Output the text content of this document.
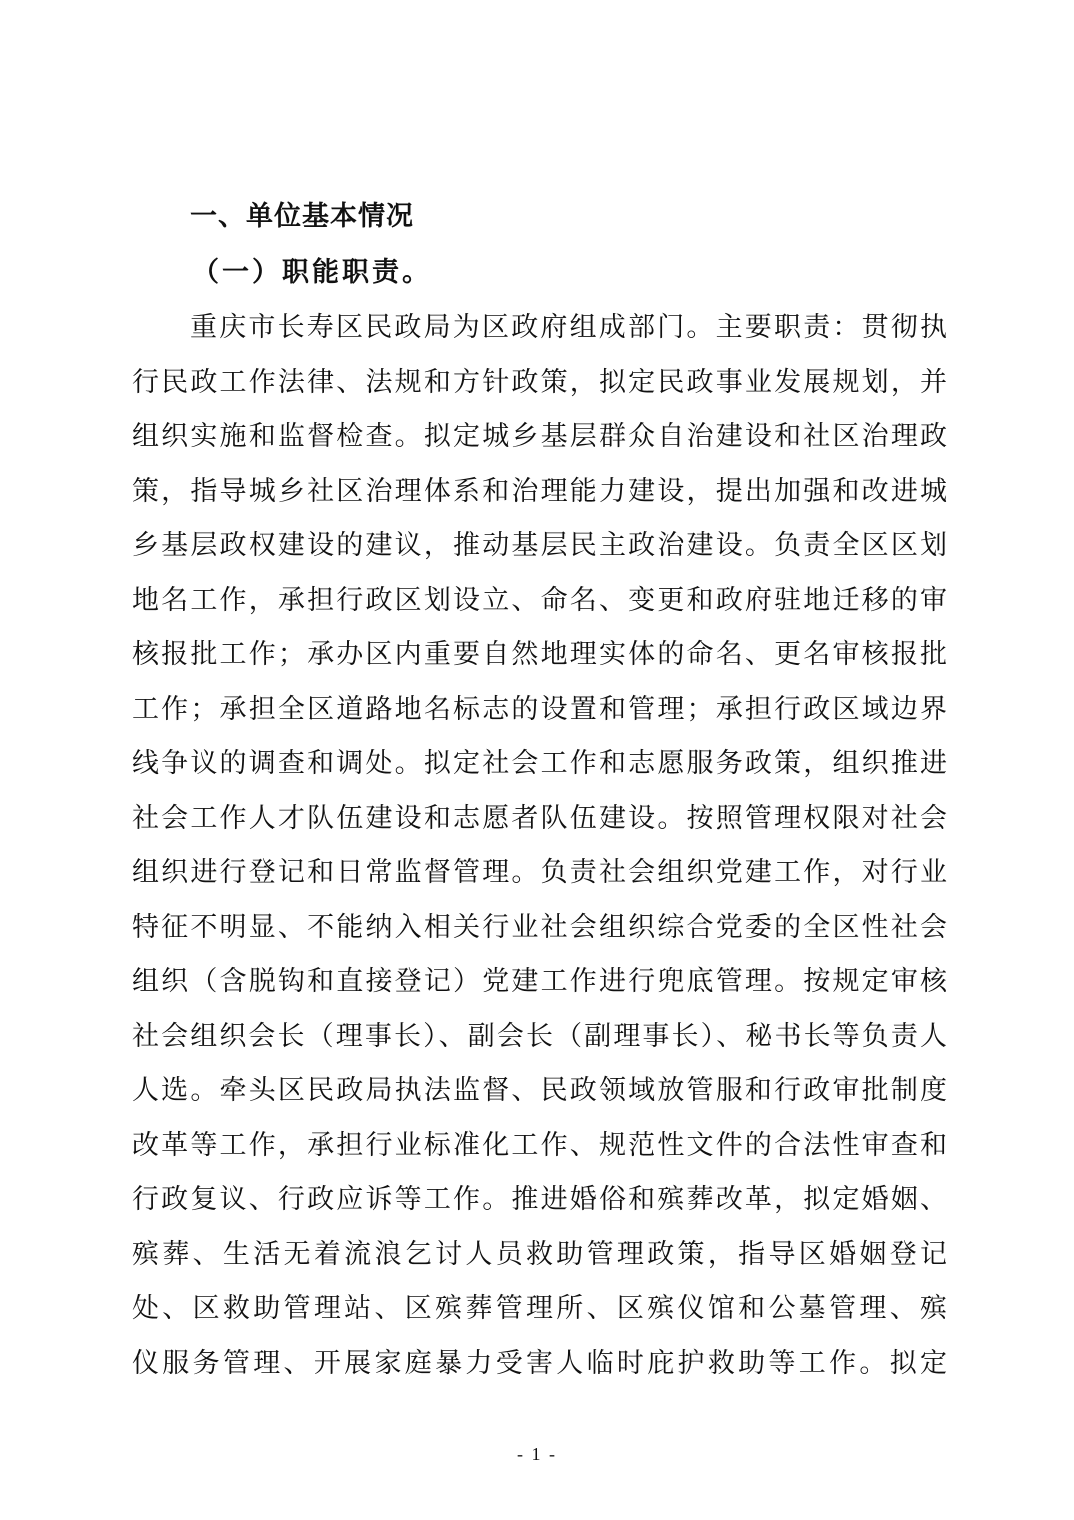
一、单位基本情况
（一）职能职责。
重庆市长寿区民政局为区政府组成部门。主要职责：贯彻执
行民政工作法律、法规和方针政策，拟定民政事业发展规划，并
组织实施和监督检查。拟定城乡基层群众自治建设和社区治理政
策，指导城乡社区治理体系和治理能力建设，提出加强和改进城
乡基层政权建设的建议，推动基层民主政治建设。负责全区区划
地名工作，承担行政区划设立、命名、变更和政府驻地迁移的审
核报批工作；承办区内重要自然地理实体的命名、更名审核报批
工作；承担全区道路地名标志的设置和管理；承担行政区域边界
线争议的调查和调处。拟定社会工作和志愿服务政策，组织推进
社会工作人才队伍建设和志愿者队伍建设。按照管理权限对社会
组织进行登记和日常监督管理。负责社会组织党建工作，对行业
特征不明显、不能纳入相关行业社会组织综合党委的全区性社会
组织（含脱钩和直接登记）党建工作进行兜底管理。按规定审核
社会组织会长（理事长）、副会长（副理事长）、秘书长等负责人
人选。牵头区民政局执法监督、民政领域放管服和行政审批制度
改革等工作，承担行业标准化工作、规范性文件的合法性审查和
行政复议、行政应诉等工作。推进婚俗和殡葬改革，拟定婚姻、
殡葬、生活无着流浪乞讨人员救助管理政策，指导区婚姻登记
处、区救助管理站、区殡葬管理所、区殡仪馆和公墓管理、殡
仪服务管理、开展家庭暴力受害人临时庇护救助等工作。拟定
- 1 -
